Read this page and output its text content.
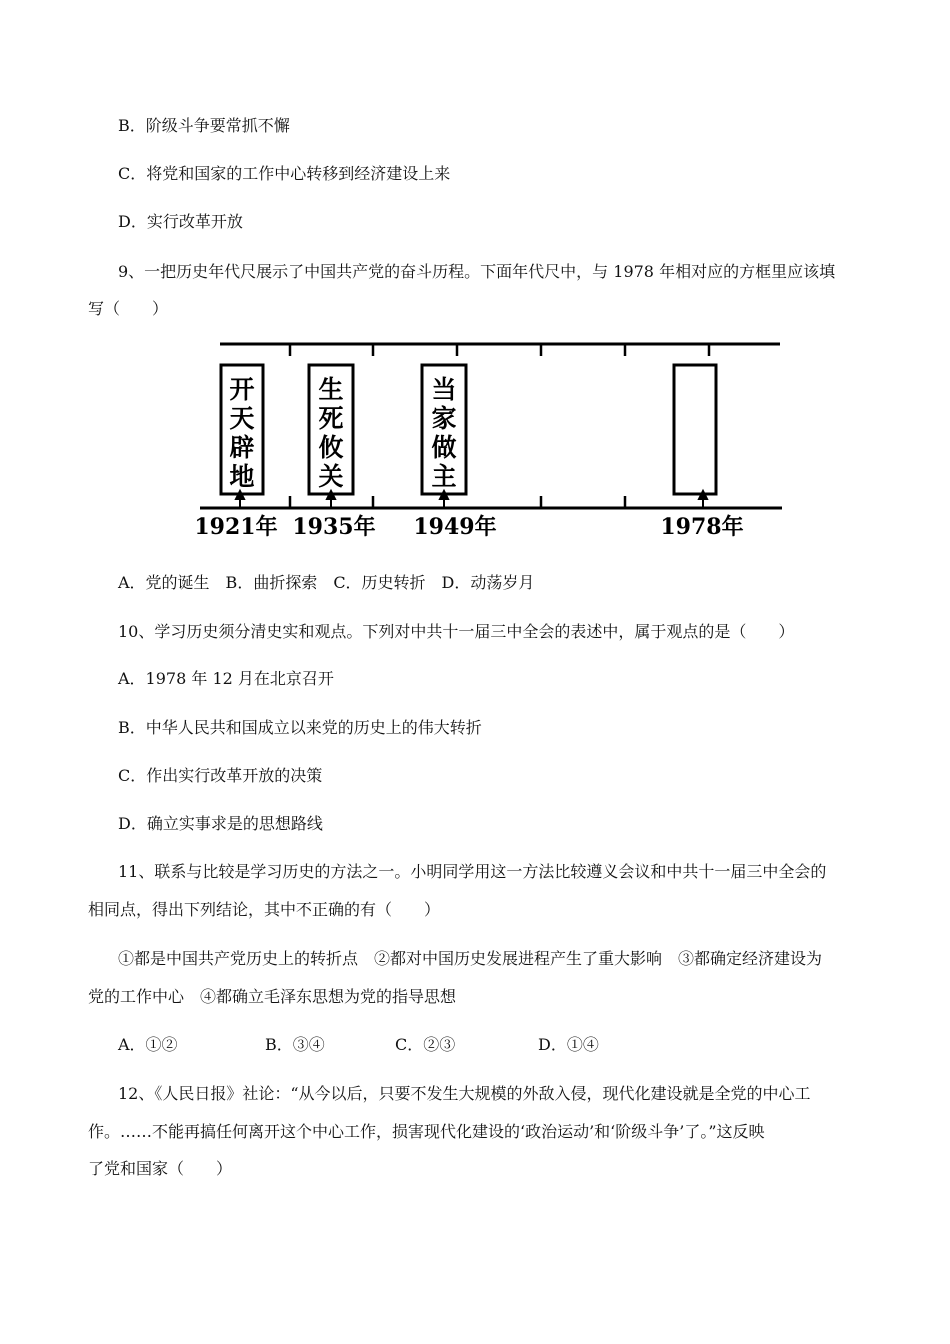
B．阶级斗争要常抓不懈
C．将党和国家的工作中心转移到经济建设上来
D．实行改革开放
9、一把历史年代尺展示了中国共产党的奋斗历程。下面年代尺中，与 1978 年相对应的方框里应该填
写（　　）
开
天
辟
地
生
死
攸
关
当
家
做
主
1921年 1935年 1949年	1978年
A．党的诞生　B．曲折探索　C．历史转折　D．动荡岁月
10、学习历史须分清史实和观点。下列对中共十一届三中全会的表述中，属于观点的是（　　）
A．1978 年 12 月在北京召开
B．中华人民共和国成立以来党的历史上的伟大转折
C．作出实行改革开放的决策
D．确立实事求是的思想路线
11、联系与比较是学习历史的方法之一。小明同学用这一方法比较遵义会议和中共十一届三中全会的
相同点，得出下列结论，其中不正确的有（　　）
①都是中国共产党历史上的转折点　②都对中国历史发展进程产生了重大影响　③都确定经济建设为
党的工作中心　④都确立毛泽东思想为党的指导思想
A．①②	B．③④	C．②③	D．①④
12、《人民日报》社论：“从今以后，只要不发生大规模的外敌入侵，现代化建设就是全党的中心工
作。……不能再搞任何离开这个中心工作，损害现代化建设的‘政治运动’和‘阶级斗争’了。”这反映
了党和国家（　　）
